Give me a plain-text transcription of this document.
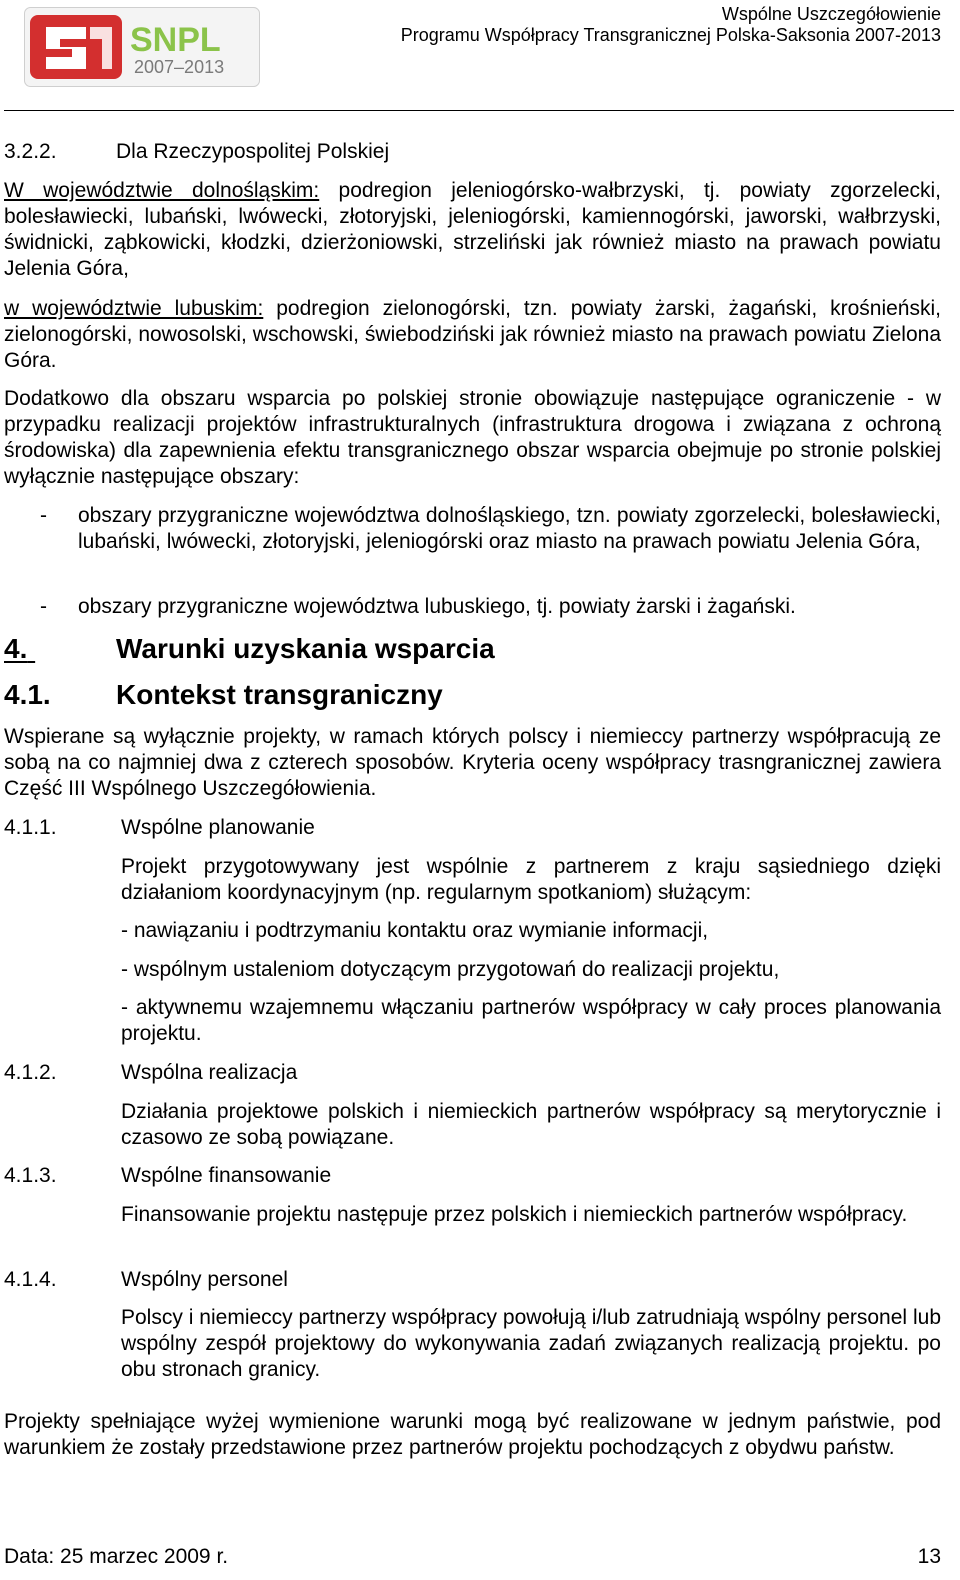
SNPL
2007–2013
Wspólne Uszczegółowienie
Programu Współpracy Transgranicznej Polska-Saksonia 2007-2013
3.2.2.	Dla Rzeczypospolitej Polskiej
W województwie dolnośląskim: podregion jeleniogórsko-wałbrzyski, tj. powiaty zgorzelecki, bolesławiecki, lubański, lwówecki, złotoryjski, jeleniogórski, kamiennogórski, jaworski, wałbrzyski, świdnicki, ząbkowicki, kłodzki, dzierżoniowski, strzeliński jak również miasto na prawach powiatu Jelenia Góra,
w województwie lubuskim: podregion zielonogórski, tzn. powiaty żarski, żagański, krośnieński, zielonogórski, nowosolski, wschowski, świebodziński jak również miasto na prawach powiatu Zielona Góra.
Dodatkowo dla obszaru wsparcia po polskiej stronie obowiązuje następujące ograniczenie - w przypadku realizacji projektów infrastrukturalnych (infrastruktura drogowa i związana z ochroną środowiska) dla zapewnienia efektu transgranicznego obszar wsparcia obejmuje po stronie polskiej wyłącznie następujące obszary:
- obszary przygraniczne województwa dolnośląskiego, tzn. powiaty zgorzelecki, bolesławiecki, lubański, lwówecki, złotoryjski, jeleniogórski oraz miasto na prawach powiatu Jelenia Góra,
- obszary przygraniczne województwa lubuskiego, tj. powiaty żarski i żagański.
4.	Warunki uzyskania wsparcia

4.1. Kontekst transgraniczny
Wspierane są wyłącznie projekty, w ramach których polscy i niemieccy partnerzy współpracują ze sobą na co najmniej dwa z czterech sposobów. Kryteria oceny współpracy trasngranicznej zawiera Część III Wspólnego Uszczegółowienia.
4.1.1.	Wspólne planowanie
Projekt przygotowywany jest wspólnie z partnerem z kraju sąsiedniego dzięki działaniom koordynacyjnym (np. regularnym spotkaniom) służącym:
- nawiązaniu i podtrzymaniu kontaktu oraz wymianie informacji,
- wspólnym ustaleniom dotyczącym przygotowań do realizacji projektu,
- aktywnemu wzajemnemu włączaniu partnerów współpracy w cały proces planowania projektu.
4.1.2.	Wspólna realizacja
Działania projektowe polskich i niemieckich partnerów współpracy są merytorycznie i czasowo ze sobą powiązane.
4.1.3.	Wspólne finansowanie
Finansowanie projektu następuje przez polskich i niemieckich partnerów współpracy.
4.1.4.	Wspólny personel
Polscy i niemieccy partnerzy współpracy powołują i/lub zatrudniają wspólny personel lub wspólny zespół projektowy do wykonywania zadań związanych realizacją projektu. po obu stronach granicy.
Projekty spełniające wyżej wymienione warunki mogą być realizowane w jednym państwie, pod warunkiem że zostały przedstawione przez partnerów projektu pochodzących z obydwu państw.
Data: 25 marzec 2009 r.	13
